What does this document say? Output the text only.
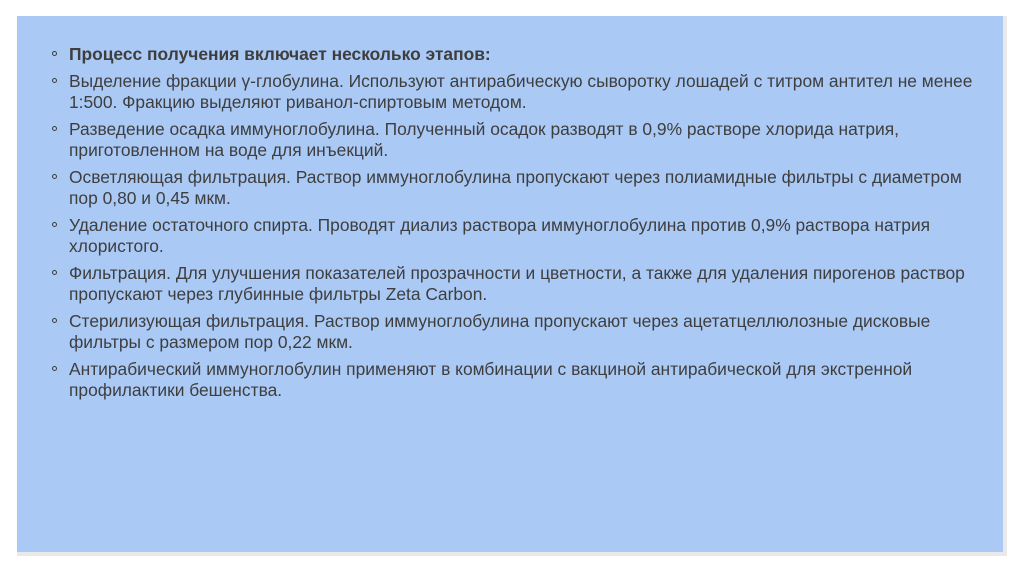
Процесс получения включает несколько этапов:
Выделение фракции γ-глобулина. Используют антирабическую сыворотку лошадей с титром антител не менее 1:500. Фракцию выделяют риванол-спиртовым методом.
Разведение осадка иммуноглобулина. Полученный осадок разводят в 0,9% растворе хлорида натрия, приготовленном на воде для инъекций.
Осветляющая фильтрация. Раствор иммуноглобулина пропускают через полиамидные фильтры с диаметром пор 0,80 и 0,45 мкм.
Удаление остаточного спирта. Проводят диализ раствора иммуноглобулина против 0,9% раствора натрия хлористого.
Фильтрация. Для улучшения показателей прозрачности и цветности, а также для удаления пирогенов раствор пропускают через глубинные фильтры Zeta Carbon.
Стерилизующая фильтрация. Раствор иммуноглобулина пропускают через ацетатцеллюлозные дисковые фильтры с размером пор 0,22 мкм.
Антирабический иммуноглобулин применяют в комбинации с вакциной антирабической для экстренной профилактики бешенства.
